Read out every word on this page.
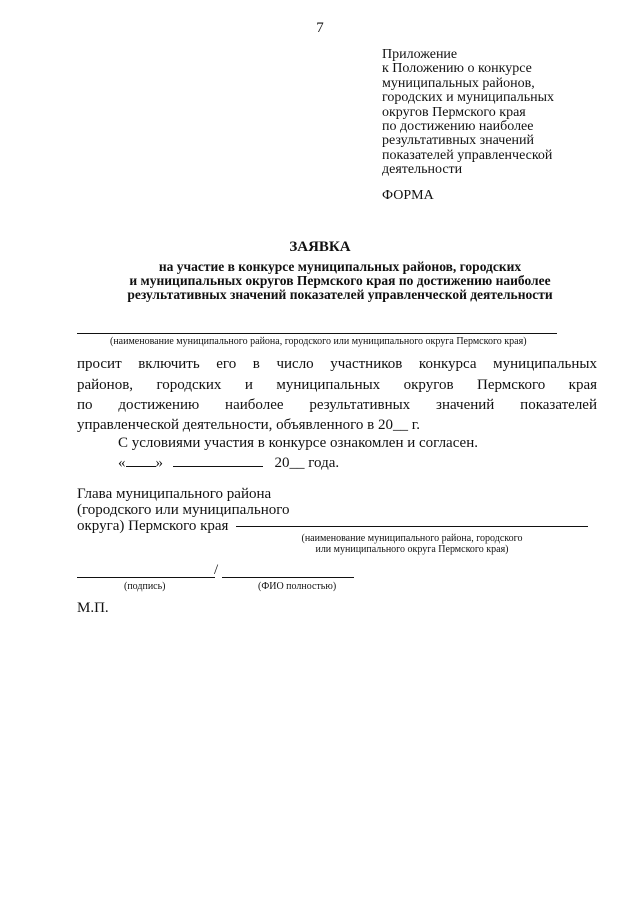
7
Приложение
к Положению о конкурсе
муниципальных районов,
городских и муниципальных
округов Пермского края
по достижению наиболее
результативных значений
показателей управленческой
деятельности
ФОРМА
ЗАЯВКА
на участие в конкурсе муниципальных районов, городских
и муниципальных округов Пермского края по достижению наиболее
результативных значений показателей управленческой деятельности
(наименование муниципального района, городского или муниципального округа Пермского края)
просит включить его в число участников конкурса муниципальных
районов, городских и муниципальных округов Пермского края
по достижению наиболее результативных значений показателей
управленческой деятельности, объявленного в 20__ г.
С условиями участия в конкурсе ознакомлен и согласен.
« »	20__ года.
Глава муниципального района
(городского или муниципального
округа) Пермского края
(наименование муниципального района, городского
или муниципального округа Пермского края)
/
(подпись)	(ФИО полностью)
М.П.
